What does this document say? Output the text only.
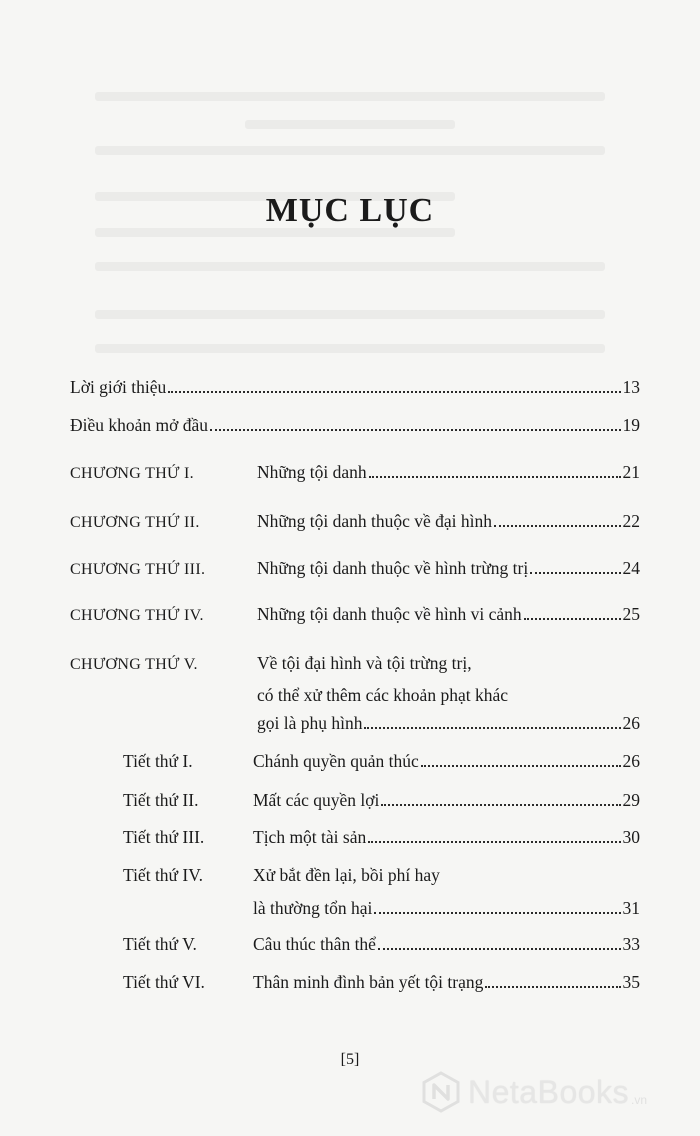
MỤC LỤC
Lời giới thiệu	13
Điều khoản mở đầu	19
CHƯƠNG THỨ I.	Những tội danh	21
CHƯƠNG THỨ II.	Những tội danh thuộc về đại hình	22
CHƯƠNG THỨ III.	Những tội danh thuộc về hình trừng trị	24
CHƯƠNG THỨ IV.	Những tội danh thuộc về hình vi cảnh	25
CHƯƠNG THỨ V.	Về tội đại hình và tội trừng trị,
có thể xử thêm các khoản phạt khác
gọi là phụ hình	26
Tiết thứ I.	Chánh quyền quản thúc	26
Tiết thứ II.	Mất các quyền lợi	29
Tiết thứ III.	Tịch một tài sản	30
Tiết thứ IV.	Xử bắt đền lại, bồi phí hay
là thường tổn hại	31
Tiết thứ V.	Câu thúc thân thể	33
Tiết thứ VI.	Thân minh đình bản yết tội trạng	35
[5]
NetaBooks .vn
